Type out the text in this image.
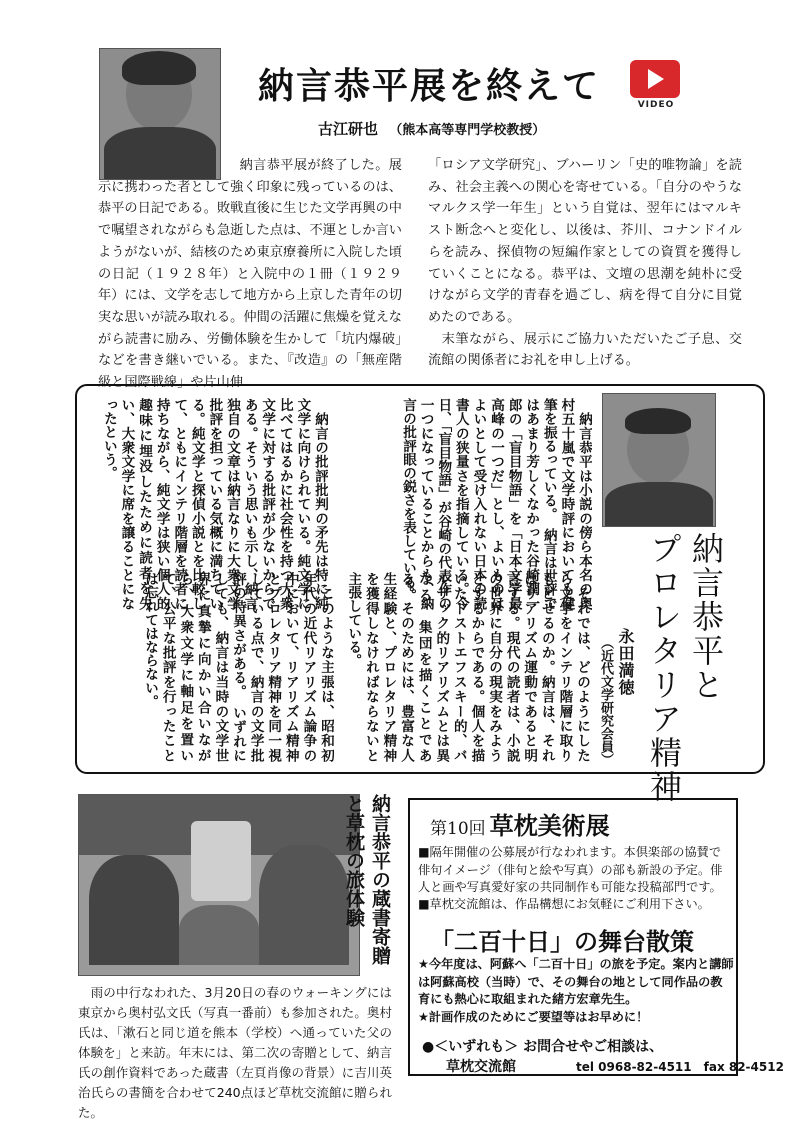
納言恭平展を終えて	VIDEO
古江研也 （熊本高等専門学校教授）
　納言恭平展が終了した。展示に携わった者として強く印象に残っているのは、恭平の日記である。敗戦直後に生じた文学再興の中で嘱望されながらも急逝した点は、不運としか言いようがないが、結核のため東京療養所に入院した頃の日記（１９２８年）と入院中の１冊（１９２９年）には、文学を志して地方から上京した青年の切実な思いが読み取れる。仲間の活躍に焦燥を覚えながら読書に励み、労働体験を生かして「坑内爆破」などを書き継いでいる。また、『改造』の「無産階級と国際戦線」や片山伸
「ロシア文学研究」、ブハーリン「史的唯物論」を読み、社会主義への関心を寄せている。「自分のやうなマルクス学一年生」という自覚は、翌年にはマルキスト断念へと変化し、以後は、芥川、コナンドイルらを読み、探偵物の短編作家としての資質を獲得していくことになる。恭平は、文壇の思潮を純朴に受けながら文学的青春を過ごし、病を得て自分に目覚めたのである。
　末筆ながら、展示にご協力いただいたご子息、交流館の関係者にお礼を申し上げる。
納言恭平と
プロレタリア精神
永田満徳
（近代文学研究会員）
　納言恭平は小説の傍ら本名の奥村五十嵐で文学時評においても健筆を振るっている。　納言は世評ではあまり芳しくなかった谷崎潤一郎の「盲目物語」を「日本文学最高峰の一つだ」とし、よいものはよいとして受け入れない日本の読書人の狭量さを指摘している。今日、「盲目物語」が谷崎の代表作の一つになっていることからも、納言の批評眼の鋭さを表している。
　納言の批評批判の矛先は特に純文学に向けられている。純文学に比べてはるかに社会性を持つ大衆文学に対する批評が少ないからである。そういう思いも示し、納言独自の文章は納言なりに大衆文学批評を担っている気概に満ちている。純文学と探偵小説とを比較して、ともにインテリ階層を読者に持ちながら、純文学は狭い個人的趣味に埋没したために読者を失い、大衆文学に席を譲ることになったという。
　それでは、どのようにしたら文学をインテリ階層に取りもどせるのか。納言は、それはリアリズム運動であると明言する。現代の読者は、小説の世界に自分の現実をみようとするからである。個人を描いたドストエフスキー的、バルザック的リアリズムとは異なる、集団を描くことである。そのためには、豊富な人生経験と、プロレタリア精神を獲得しなければならないと主張している。
　このような主張は、昭和初年代の近代リアリズム論争の中において、リアリズム精神とプロレタリア精神を同一視している点で、納言の文学批評の特異さがある。　いずれにしても、納言は当時の文学世界に真摯に向かい合いながら、大衆文学に軸足を置いて、公平な批評を行ったことは忘れてはならない。
納言恭平の蔵書寄贈
と草枕の旅体験
　雨の中行なわれた、3月20日の春のウォーキングには東京から奥村弘文氏（写真一番前）も参加された。奥村氏は、「漱石と同じ道を熊本（学校）へ通っていた父の体験を」と来訪。年末には、第二次の寄贈として、納言氏の創作資料であった蔵書（左頁肖像の背景）に吉川英治氏らの書簡を合わせて240点ほど草枕交流館に贈られた。
第10回 草枕美術展
■隔年開催の公募展が行なわれます。本倶楽部の協賛で俳句イメージ（俳句と絵や写真）の部も新設の予定。俳人と画や写真愛好家の共同制作も可能な投稿部門です。
■草枕交流館は、作品構想にお気軽にご利用下さい。
「二百十日」の舞台散策
★今年度は、阿蘇へ「二百十日」の旅を予定。案内と講師は阿蘇高校（当時）で、その舞台の地として同作品の教育にも熱心に取組まれた緒方宏章先生。
★計画作成のためにご要望等はお早めに！
●＜いずれも＞ お問合せやご相談は、
草枕交流館	tel 0968-82-4511　fax 82-4512
